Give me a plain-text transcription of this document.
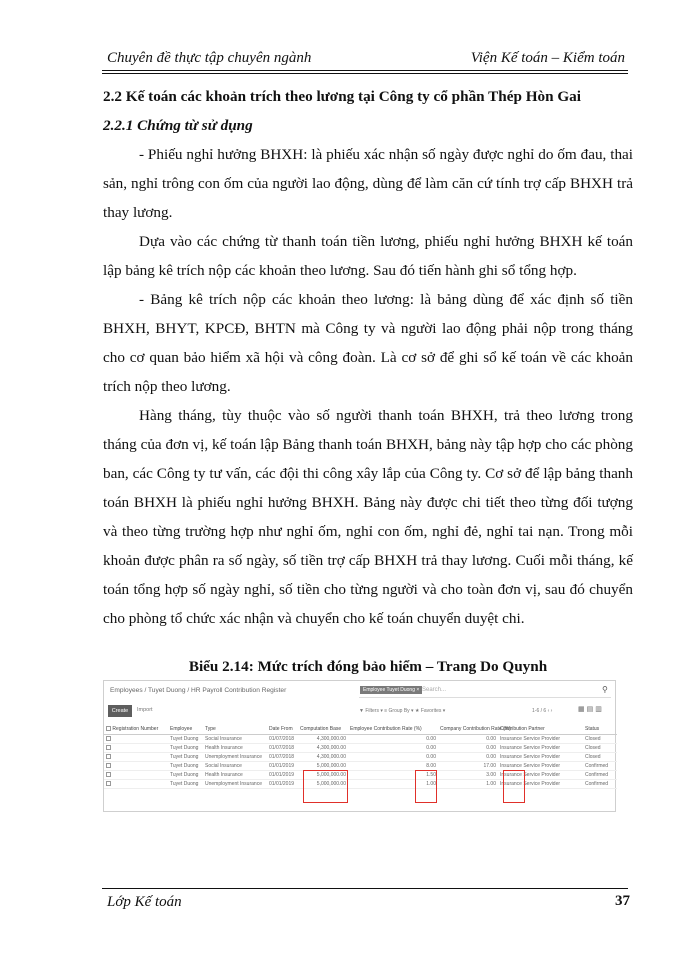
Chuyên đề thực tập chuyên ngành	Viện Kế toán – Kiểm toán
2.2 Kế toán các khoản trích theo lương tại Công ty cổ phần Thép Hòn Gai
2.2.1 Chứng từ sử dụng
- Phiếu nghỉ hưởng BHXH: là phiếu xác nhận số ngày được nghỉ do ốm đau, thai sản, nghỉ trông con ốm của người lao động, dùng để làm căn cứ tính trợ cấp BHXH trả thay lương.
Dựa vào các chứng từ thanh toán tiền lương, phiếu nghỉ hưởng BHXH kế toán lập bảng kê trích nộp các khoản theo lương. Sau đó tiến hành ghi sổ tổng hợp.
- Bảng kê trích nộp các khoản theo lương: là bảng dùng để xác định số tiền BHXH, BHYT, KPCĐ, BHTN mà Công ty và người lao động phải nộp trong tháng cho cơ quan bảo hiểm xã hội và công đoàn. Là cơ sở để ghi sổ kế toán về các khoản trích nộp theo lương.
Hàng tháng, tùy thuộc vào số người thanh toán BHXH, trả theo lương trong tháng của đơn vị, kế toán lập Bảng thanh toán BHXH, bảng này tập hợp cho các phòng ban, các Công ty tư vấn, các đội thi công xây lắp của Công ty. Cơ sở để lập bảng thanh toán BHXH là phiếu nghỉ hưởng BHXH. Bảng này được chi tiết theo từng đối tượng và theo từng trường hợp như nghỉ ốm, nghỉ con ốm, nghỉ đẻ, nghỉ tai nạn. Trong mỗi khoản được phân ra số ngày, số tiền trợ cấp BHXH trả thay lương. Cuối mỗi tháng, kế toán tổng hợp số ngày nghỉ, số tiền cho từng người và cho toàn đơn vị, sau đó chuyển cho phòng tổ chức xác nhận và chuyển cho kế toán chuyển duyệt chi.
Biểu 2.14: Mức trích đóng bảo hiểm – Trang Do Quynh
Employees / Tuyet Duong / HR Payroll Contribution Register	Employee Tuyet Duong × Search...	⚲
Create	Import	▼ Filters ▾ ≡ Group By ▾ ★ Favorites ▾	1-6 / 6 ‹ ›	▦▤▥
Registration Number	Employee	Type	Date From	Computation Base	Employee Contribution Rate (%)	Company Contribution Rate (%)	Contribution Partner	Status
	Tuyet Duong	Social Insurance	01/07/2018	4,300,000.00	0.00	0.00	Insurance Service Provider	Closed
	Tuyet Duong	Health Insurance	01/07/2018	4,300,000.00	0.00	0.00	Insurance Service Provider	Closed
	Tuyet Duong	Unemployment Insurance	01/07/2018	4,300,000.00	0.00	0.00	Insurance Service Provider	Closed
	Tuyet Duong	Social Insurance	01/01/2019	5,000,000.00	8.00	17.00	Insurance Service Provider	Confirmed
	Tuyet Duong	Health Insurance	01/01/2019	5,000,000.00	1.50	3.00	Insurance Service Provider	Confirmed
	Tuyet Duong	Unemployment Insurance	01/01/2019	5,000,000.00	1.00	1.00	Insurance Service Provider	Confirmed
Lớp Kế toán	37
